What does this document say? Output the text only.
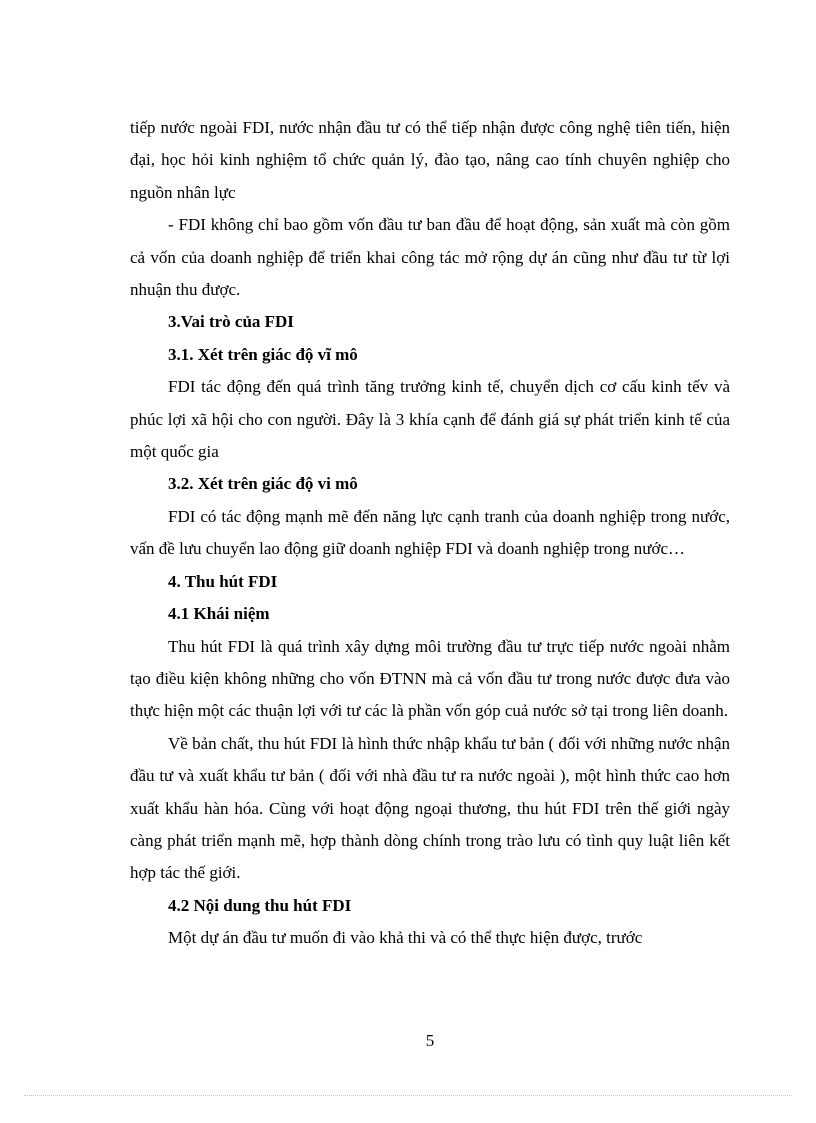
tiếp nước ngoài FDI, nước nhận đầu tư có thể tiếp nhận được công nghệ tiên tiến, hiện đại, học hỏi kinh nghiệm tổ chức quản lý, đào tạo, nâng cao tính chuyên nghiệp cho nguồn nhân lực

- FDI không chỉ bao gồm vốn đầu tư ban đầu để hoạt động, sản xuất mà còn gồm cả vốn của doanh nghiệp để triển khai công tác mở rộng dự án cũng như đầu tư từ lợi nhuận thu được.

3.Vai trò của FDI

3.1. Xét trên giác độ vĩ mô

FDI tác động đến quá trình tăng trưởng kinh tế, chuyển dịch cơ cấu kinh tếv và phúc lợi xã hội cho con người. Đây là 3 khía cạnh để đánh giá sự phát triển kinh tế của một quốc gia

3.2. Xét trên giác độ vi mô

FDI có tác động mạnh mẽ đến năng lực cạnh tranh của doanh nghiệp trong nước, vấn đề lưu chuyển lao động giữ doanh nghiệp FDI và doanh nghiệp trong nước…

4. Thu hút FDI

4.1 Khái niệm

Thu hút FDI là quá trình xây dựng môi trường đầu tư trực tiếp nước ngoài nhằm tạo điều kiện không những cho vốn ĐTNN mà cả vốn đầu tư trong nước được đưa vào thực hiện một các thuận lợi với tư các là phần vốn góp cuả nước sở tại trong liên doanh.

Về bản chất, thu hút FDI là hình thức nhập khẩu tư bản ( đối với những nước nhận đầu tư và xuất khẩu tư bản ( đối với nhà đầu tư ra nước ngoài ), một hình thức cao hơn xuất khẩu hàn hóa. Cùng với hoạt động ngoại thương, thu hút FDI trên thế giới ngày càng phát triển mạnh mẽ, hợp thành dòng chính trong trào lưu có tình quy luật liên kết hợp tác thế giới.

4.2 Nội dung thu hút FDI

Một dự án đầu tư muốn đi vào khả thi và có thể thực hiện được, trước

5
